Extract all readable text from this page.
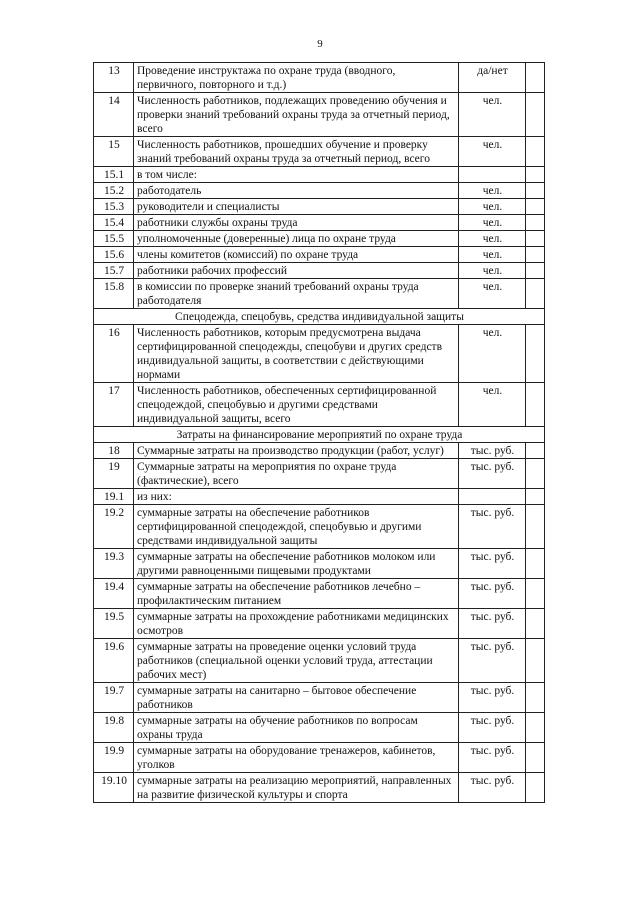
9
13	Проведение инструктажа по охране труда (вводного, первичного, повторного и т.д.)	да/нет	
14	Численность работников, подлежащих проведению обучения и проверки знаний требований охраны труда за отчетный период, всего	чел.	
15	Численность работников, прошедших обучение и проверку знаний требований охраны труда за отчетный период, всего	чел.	
15.1	в том числе:		
15.2	работодатель	чел.	
15.3	руководители и специалисты	чел.	
15.4	работники службы охраны труда	чел.	
15.5	уполномоченные (доверенные) лица по охране труда	чел.	
15.6	члены комитетов (комиссий) по охране труда	чел.	
15.7	работники рабочих профессий	чел.	
15.8	в комиссии по проверке знаний требований охраны труда работодателя	чел.	
Спецодежда, спецобувь, средства индивидуальной защиты			
16	Численность работников, которым предусмотрена выдача сертифицированной спецодежды, спецобуви и других средств индивидуальной защиты, в соответствии с действующими нормами	чел.	
17	Численность работников, обеспеченных сертифицированной спецодеждой, спецобувью и другими средствами индивидуальной защиты, всего	чел.	
Затраты на финансирование мероприятий по охране труда			
18	Суммарные затраты на производство продукции (работ, услуг)	тыс. руб.	
19	Суммарные затраты на мероприятия по охране труда (фактические), всего	тыс. руб.	
19.1	из них:		
19.2	суммарные затраты на обеспечение работников сертифицированной спецодеждой, спецобувью и другими средствами индивидуальной защиты	тыс. руб.	
19.3	суммарные затраты на обеспечение работников молоком или другими равноценными пищевыми продуктами	тыс. руб.	
19.4	суммарные затраты на обеспечение работников лечебно – профилактическим питанием	тыс. руб.	
19.5	суммарные затраты на прохождение работниками медицинских осмотров	тыс. руб.	
19.6	суммарные затраты на проведение оценки условий труда работников (специальной оценки условий труда, аттестации рабочих мест)	тыс. руб.	
19.7	суммарные затраты на санитарно – бытовое обеспечение работников	тыс. руб.	
19.8	суммарные затраты на обучение работников по вопросам охраны труда	тыс. руб.	
19.9	суммарные затраты на оборудование тренажеров, кабинетов, уголков	тыс. руб.	
19.10	суммарные затраты на реализацию мероприятий, направленных на развитие физической культуры и спорта	тыс. руб.	
